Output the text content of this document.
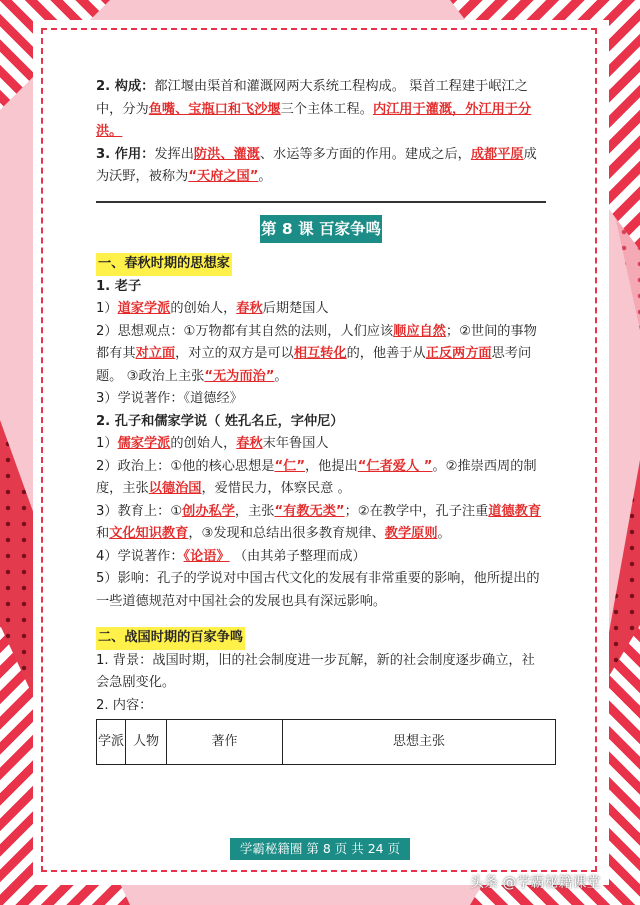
2. 构成：都江堰由渠首和灌溉网两大系统工程构成。 渠首工程建于岷江之中，分为鱼嘴、宝瓶口和飞沙堰三个主体工程。内江用于灌溉，外江用于分洪。

3. 作用：发挥出防洪、灌溉、水运等多方面的作用。建成之后，成都平原成为沃野，被称为“天府之国”。

第 8 课 百家争鸣
一、春秋时期的思想家

1. 老子

1）道家学派的创始人，春秋后期楚国人

2）思想观点：①万物都有其自然的法则，人们应该顺应自然；②世间的事物都有其对立面，对立的双方是可以相互转化的，他善于从正反两方面思考问题。 ③政治上主张“无为而治”。

3）学说著作：《道德经》

2. 孔子和儒家学说（ 姓孔名丘，字仲尼）

1）儒家学派的创始人，春秋末年鲁国人

2）政治上：①他的核心思想是“仁”，他提出“仁者爱人 ”。②推崇西周的制度，主张以德治国，爱惜民力，体察民意 。

3）教育上：①创办私学，主张“有教无类”；②在教学中，孔子注重道德教育和文化知识教育，③发现和总结出很多教育规律、教学原则。

4）学说著作：《论语》 （由其弟子整理而成）

5）影响：孔子的学说对中国古代文化的发展有非常重要的影响，他所提出的一些道德规范对中国社会的发展也具有深远影响。

二、战国时期的百家争鸣

1. 背景：战国时期，旧的社会制度进一步瓦解，新的社会制度逐步确立，社会急剧变化。

2. 内容：

学派	人物	著作	思想主张
学霸秘籍圈 第 8 页 共 24 页
头条 @学霸秘籍课堂
